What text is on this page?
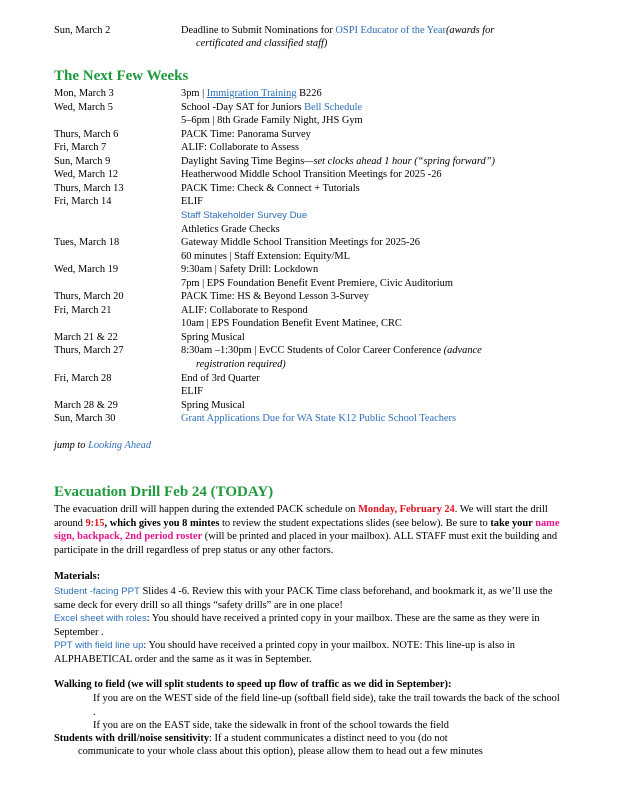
Sun, March 2	Deadline to Submit Nominations for OSPI Educator of the Year(awards for
certificated and classified staff)
The Next Few Weeks
Mon, March 3	3pm | Immigration Training B226
Wed, March 5	School -Day SAT for Juniors Bell Schedule
5–6pm | 8th Grade Family Night, JHS Gym
Thurs, March 6	PACK Time: Panorama Survey
Fri, March 7	ALIF: Collaborate to Assess
Sun, March 9	Daylight Saving Time Begins—set clocks ahead 1 hour (“spring forward”)
Wed, March 12	Heatherwood Middle School Transition Meetings for 2025 -26
Thurs, March 13	PACK Time: Check & Connect + Tutorials
Fri, March 14	ELIF
Staff Stakeholder Survey Due
Athletics Grade Checks
Tues, March 18	Gateway Middle School Transition Meetings for 2025-26
60 minutes | Staff Extension: Equity/ML
Wed, March 19	9:30am | Safety Drill: Lockdown
7pm | EPS Foundation Benefit Event Premiere, Civic Auditorium
Thurs, March 20	PACK Time: HS & Beyond Lesson 3-Survey
Fri, March 21	ALIF: Collaborate to Respond
10am | EPS Foundation Benefit Event Matinee, CRC
March 21 & 22	Spring Musical
Thurs, March 27	8:30am –1:30pm | EvCC Students of Color Career Conference (advance
registration required)
Fri, March 28	End of 3rd Quarter
ELIF
March 28 & 29	Spring Musical
Sun, March 30	Grant Applications Due for WA State K12 Public School Teachers
jump to Looking Ahead
Evacuation Drill Feb 24 (TODAY)
The evacuation drill will happen during the extended PACK schedule on Monday, February 24. We will start the drill around 9:15, which gives you 8 mintes to review the student expectations slides (see below). Be sure to take your name sign, backpack, 2nd period roster (will be printed and placed in your mailbox). ALL STAFF must exit the building and participate in the drill regardless of prep status or any other factors.
Materials:
Student -facing PPT Slides 4 -6. Review this with your PACK Time class beforehand, and bookmark it, as we’ll use the same deck for every drill so all things “safety drills” are in one place!
Excel sheet with roles: You should have received a printed copy in your mailbox. These are the same as they were in September .
PPT with field line up: You should have received a printed copy in your mailbox. NOTE: This line-up is also in ALPHABETICAL order and the same as it was in September.
Walking to field (we will split students to speed up flow of traffic as we did in September):
If you are on the WEST side of the field line-up (softball field side), take the trail towards the back of the school .
If you are on the EAST side, take the sidewalk in front of the school towards the field
Students with drill/noise sensitivity: If a student communicates a distinct need to you (do not
communicate to your whole class about this option), please allow them to head out a few minutes
